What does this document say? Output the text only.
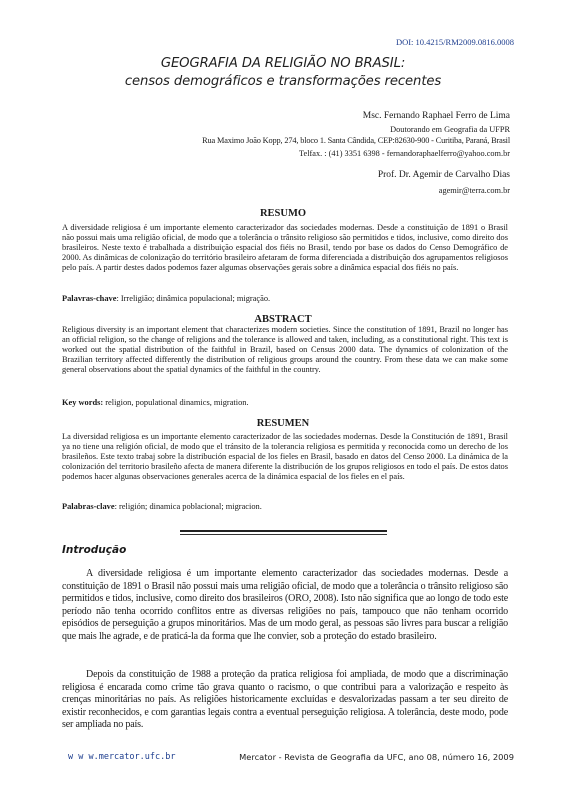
DOI: 10.4215/RM2009.0816.0008
GEOGRAFIA DA RELIGIÃO NO BRASIL:
censos demográficos e transformações recentes
Msc. Fernando Raphael Ferro de Lima
Doutorando em Geografia da UFPR
Rua Maximo João Kopp, 274, bloco 1. Santa Cândida, CEP:82630-900 - Curitiba, Paraná, Brasil
Telfax. : (41) 3351 6398 - fernandoraphaelferro@yahoo.com.br
Prof. Dr. Agemir de Carvalho Dias
agemir@terra.com.br
RESUMO

A diversidade religiosa é um importante elemento caracterizador das sociedades modernas. Desde a constituição de 1891 o Brasil não possui mais uma religião oficial, de modo que a tolerância o trânsito religioso são permitidos e tidos, inclusive, como direito dos brasileiros. Neste texto é trabalhada a distribuição espacial dos fiéis no Brasil, tendo por base os dados do Censo Demográfico de 2000. As dinâmicas de colonização do território brasileiro afetaram de forma diferenciada a distribuição dos agrupamentos religiosos pelo país. A partir destes dados podemos fazer algumas observações gerais sobre a dinâmica espacial dos fiéis no país.

Palavras-chave: Irreligião; dinâmica populacional; migração.
ABSTRACT

Religious diversity is an important element that characterizes modern societies. Since the constitution of 1891, Brazil no longer has an official religion, so the change of religions and the tolerance is allowed and taken, including, as a constitutional right. This text is worked out the spatial distribution of the faithful in Brazil, based on Census 2000 data. The dynamics of colonization of the Brazilian territory affected differently the distribution of religious groups around the country. From these data we can make some general observations about the spatial dynamics of the faithful in the country.

Key words: religion, populational dinamics, migration.
RESUMEN

La diversidad religiosa es un importante elemento caracterizador de las sociedades modernas. Desde la Constitución de 1891, Brasil ya no tiene una religión oficial, de modo que el tránsito de la tolerancia religiosa es permitida y reconocida como un derecho de los brasileños. Este texto trabaj sobre la distribución espacial de los fieles en Brasil, basado en datos del Censo 2000. La dinámica de la colonización del territorio brasileño afecta de manera diferente la distribución de los grupos religiosos en todo el país. De estos datos podemos hacer algunas observaciones generales acerca de la dinámica espacial de los fieles en el país.

Palabras-clave: religión; dinamica poblacional; migracion.
Introdução

A diversidade religiosa é um importante elemento caracterizador das sociedades modernas. Desde a constituição de 1891 o Brasil não possui mais uma religião oficial, de modo que a tolerância o trânsito religioso são permitidos e tidos, inclusive, como direito dos brasileiros (ORO, 2008). Isto não significa que ao longo de todo este período não tenha ocorrido conflitos entre as diversas religiões no país, tampouco que não tenham ocorrido episódios de perseguição a grupos minoritários. Mas de um modo geral, as pessoas são livres para buscar a religião que mais lhe agrade, e de praticá-la da forma que lhe convier, sob a proteção do estado brasileiro.

Depois da constituição de 1988 a proteção da pratica religiosa foi ampliada, de modo que a discriminação religiosa é encarada como crime tão grava quanto o racismo, o que contribui para a valorização e respeito às crenças minoritárias no país. As religiões historicamente excluídas e desvalorizadas passam a ter seu direito de existir reconhecidos, e com garantias legais contra a eventual perseguição religiosa. A tolerância, deste modo, pode ser ampliada no país.

w w w.mercator.ufc.br	Mercator - Revista de Geografia da UFC, ano 08, número 16, 2009
